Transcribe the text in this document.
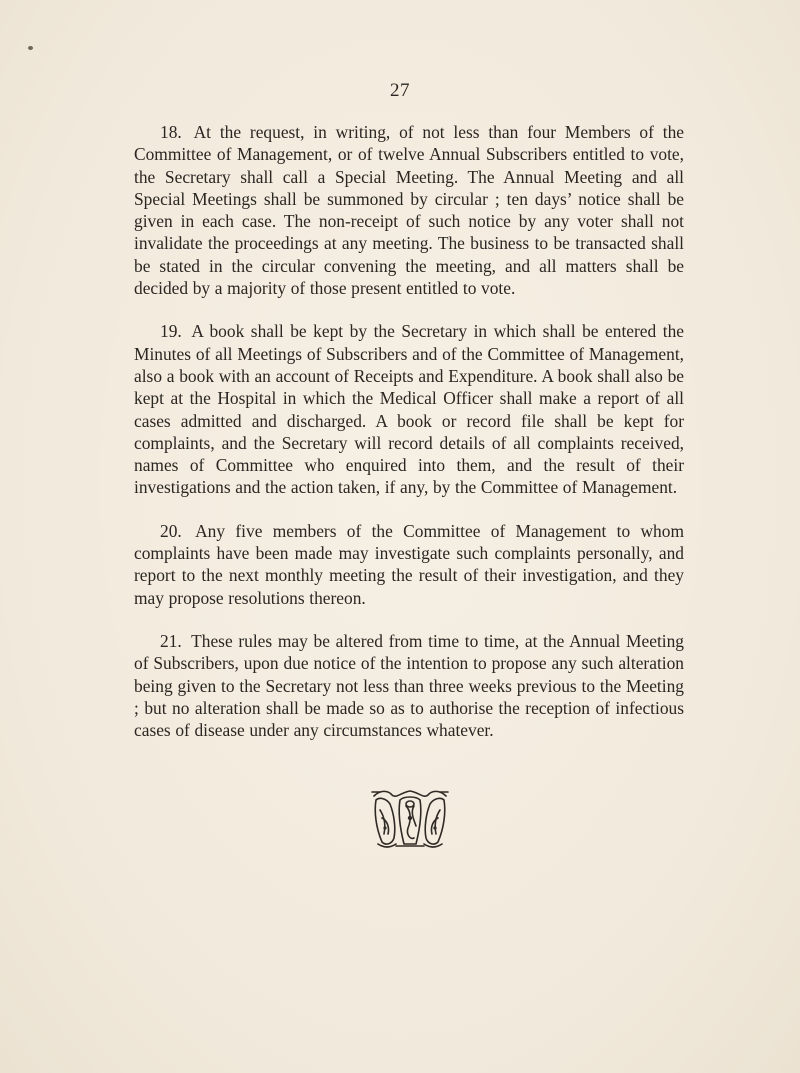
27

18. At the request, in writing, of not less than four Members of the Committee of Management, or of twelve Annual Subscribers entitled to vote, the Secretary shall call a Special Meeting. The Annual Meeting and all Special Meetings shall be summoned by circular ; ten days’ notice shall be given in each case. The non-receipt of such notice by any voter shall not invalidate the proceedings at any meeting. The business to be transacted shall be stated in the circular convening the meeting, and all matters shall be decided by a majority of those present entitled to vote.

19. A book shall be kept by the Secretary in which shall be entered the Minutes of all Meetings of Subscribers and of the Committee of Management, also a book with an account of Receipts and Expenditure. A book shall also be kept at the Hospital in which the Medical Officer shall make a report of all cases admitted and discharged. A book or record file shall be kept for complaints, and the Secretary will record details of all complaints received, names of Committee who enquired into them, and the result of their investigations and the action taken, if any, by the Committee of Management.

20. Any five members of the Committee of Management to whom complaints have been made may investigate such complaints personally, and report to the next monthly meeting the result of their investigation, and they may propose resolutions thereon.

21. These rules may be altered from time to time, at the Annual Meeting of Subscribers, upon due notice of the intention to propose any such alteration being given to the Secretary not less than three weeks previous to the Meeting ; but no alteration shall be made so as to authorise the reception of infectious cases of disease under any circumstances whatever.
